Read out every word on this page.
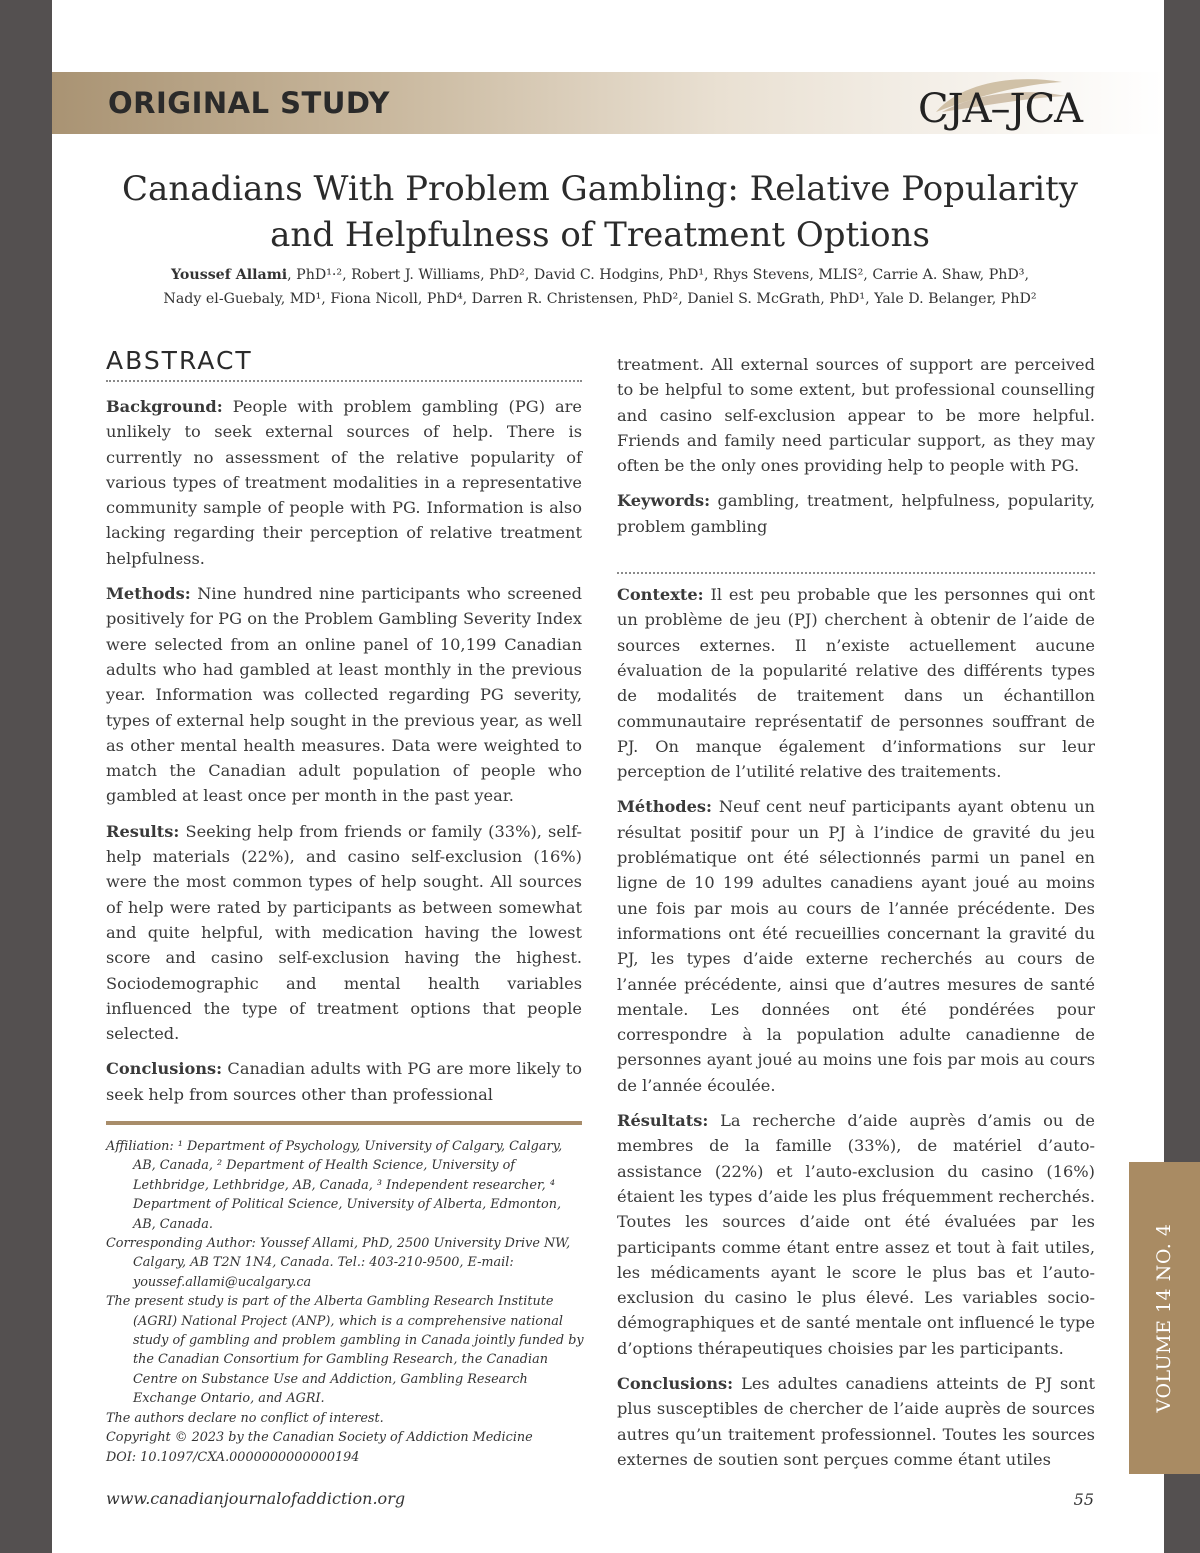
ORIGINAL STUDY	CJA–JCA
Canadians With Problem Gambling: Relative Popularity
and Helpfulness of Treatment Options
Youssef Allami, PhD¹·², Robert J. Williams, PhD², David C. Hodgins, PhD¹, Rhys Stevens, MLIS², Carrie A. Shaw, PhD³,
Nady el-Guebaly, MD¹, Fiona Nicoll, PhD⁴, Darren R. Christensen, PhD², Daniel S. McGrath, PhD¹, Yale D. Belanger, PhD²
ABSTRACT

Background: People with problem gambling (PG) are unlikely to seek external sources of help. There is currently no assessment of the relative popularity of various types of treatment modalities in a representative community sample of people with PG. Information is also lacking regarding their perception of relative treatment helpfulness.

Methods: Nine hundred nine participants who screened positively for PG on the Problem Gambling Severity Index were selected from an online panel of 10,199 Canadian adults who had gambled at least monthly in the previous year. Information was collected regarding PG severity, types of external help sought in the previous year, as well as other mental health measures. Data were weighted to match the Canadian adult population of people who gambled at least once per month in the past year.

Results: Seeking help from friends or family (33%), self-help materials (22%), and casino self-exclusion (16%) were the most common types of help sought. All sources of help were rated by participants as between somewhat and quite helpful, with medication having the lowest score and casino self-exclusion having the highest. Sociodemographic and mental health variables influenced the type of treatment options that people selected.

Conclusions: Canadian adults with PG are more likely to seek help from sources other than professional

treatment. All external sources of support are perceived to be helpful to some extent, but professional counselling and casino self-exclusion appear to be more helpful. Friends and family need particular support, as they may often be the only ones providing help to people with PG.

Keywords: gambling, treatment, helpfulness, popularity, problem gambling

Contexte: Il est peu probable que les personnes qui ont un problème de jeu (PJ) cherchent à obtenir de l’aide de sources externes. Il n’existe actuellement aucune évaluation de la popularité relative des différents types de modalités de traitement dans un échantillon communautaire représentatif de personnes souffrant de PJ. On manque également d’informations sur leur perception de l’utilité relative des traitements.

Méthodes: Neuf cent neuf participants ayant obtenu un résultat positif pour un PJ à l’indice de gravité du jeu problématique ont été sélectionnés parmi un panel en ligne de 10 199 adultes canadiens ayant joué au moins une fois par mois au cours de l’année précédente. Des informations ont été recueillies concernant la gravité du PJ, les types d’aide externe recherchés au cours de l’année précédente, ainsi que d’autres mesures de santé mentale. Les données ont été pondérées pour correspondre à la population adulte canadienne de personnes ayant joué au moins une fois par mois au cours de l’année écoulée.

Résultats: La recherche d’aide auprès d’amis ou de membres de la famille (33%), de matériel d’auto-assistance (22%) et l’auto-exclusion du casino (16%) étaient les types d’aide les plus fréquemment recherchés. Toutes les sources d’aide ont été évaluées par les participants comme étant entre assez et tout à fait utiles, les médicaments ayant le score le plus bas et l’auto-exclusion du casino le plus élevé. Les variables socio-démographiques et de santé mentale ont influencé le type d’options thérapeutiques choisies par les participants.

Conclusions: Les adultes canadiens atteints de PJ sont plus susceptibles de chercher de l’aide auprès de sources autres qu’un traitement professionnel. Toutes les sources externes de soutien sont perçues comme étant utiles

Affiliation: ¹ Department of Psychology, University of Calgary, Calgary, AB, Canada, ² Department of Health Science, University of Lethbridge, Lethbridge, AB, Canada, ³ Independent researcher, ⁴ Department of Political Science, University of Alberta, Edmonton, AB, Canada.
Corresponding Author: Youssef Allami, PhD, 2500 University Drive NW, Calgary, AB T2N 1N4, Canada. Tel.: 403-210-9500, E-mail: youssef.allami@ucalgary.ca
The present study is part of the Alberta Gambling Research Institute (AGRI) National Project (ANP), which is a comprehensive national study of gambling and problem gambling in Canada jointly funded by the Canadian Consortium for Gambling Research, the Canadian Centre on Substance Use and Addiction, Gambling Research Exchange Ontario, and AGRI.
The authors declare no conflict of interest.
Copyright © 2023 by the Canadian Society of Addiction Medicine
DOI: 10.1097/CXA.0000000000000194
www.canadianjournalofaddiction.org	55
VOLUME 14 NO. 4
